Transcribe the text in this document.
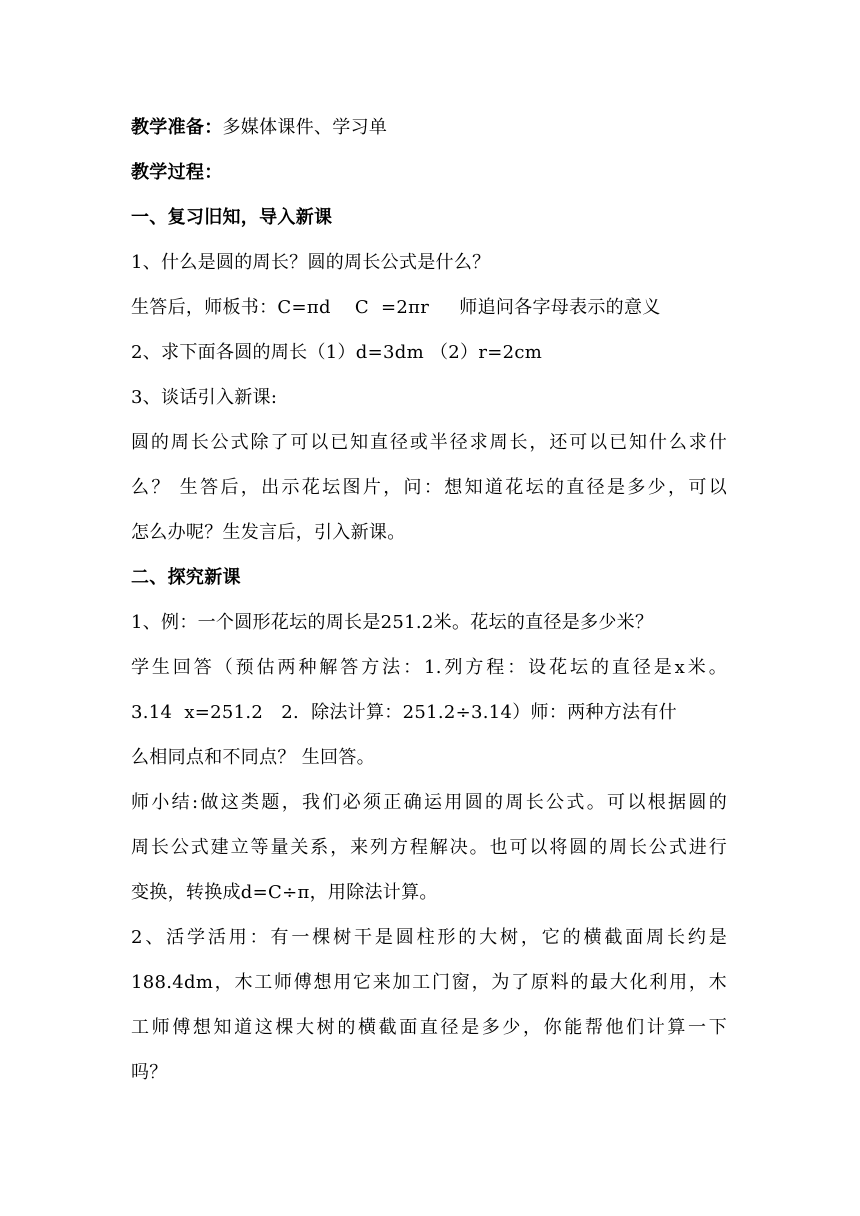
教学准备：多媒体课件、学习单
教学过程：
一、复习旧知，导入新课
1、什么是圆的周长？圆的周长公式是什么？
生答后，师板书：C=πd    C  =2πr     师追问各字母表示的意义
2、求下面各圆的周长（1）d=3dm （2）r=2cm
3、谈话引入新课:
圆的周长公式除了可以已知直径或半径求周长，还可以已知什么求什
么？ 生答后，出示花坛图片，问：想知道花坛的直径是多少，可以
怎么办呢？生发言后，引入新课。
二、探究新课
1、例：一个圆形花坛的周长是251.2米。花坛的直径是多少米？
学生回答（预估两种解答方法：1.列方程：设花坛的直径是x米。
3.14  x=251.2   2.  除法计算：251.2÷3.14）师：两种方法有什
么相同点和不同点？ 生回答。
师小结:做这类题，我们必须正确运用圆的周长公式。可以根据圆的
周长公式建立等量关系，来列方程解决。也可以将圆的周长公式进行
变换，转换成d=C÷π，用除法计算。
2、活学活用：有一棵树干是圆柱形的大树，它的横截面周长约是
188.4dm，木工师傅想用它来加工门窗，为了原料的最大化利用，木
工师傅想知道这棵大树的横截面直径是多少，你能帮他们计算一下
吗？
